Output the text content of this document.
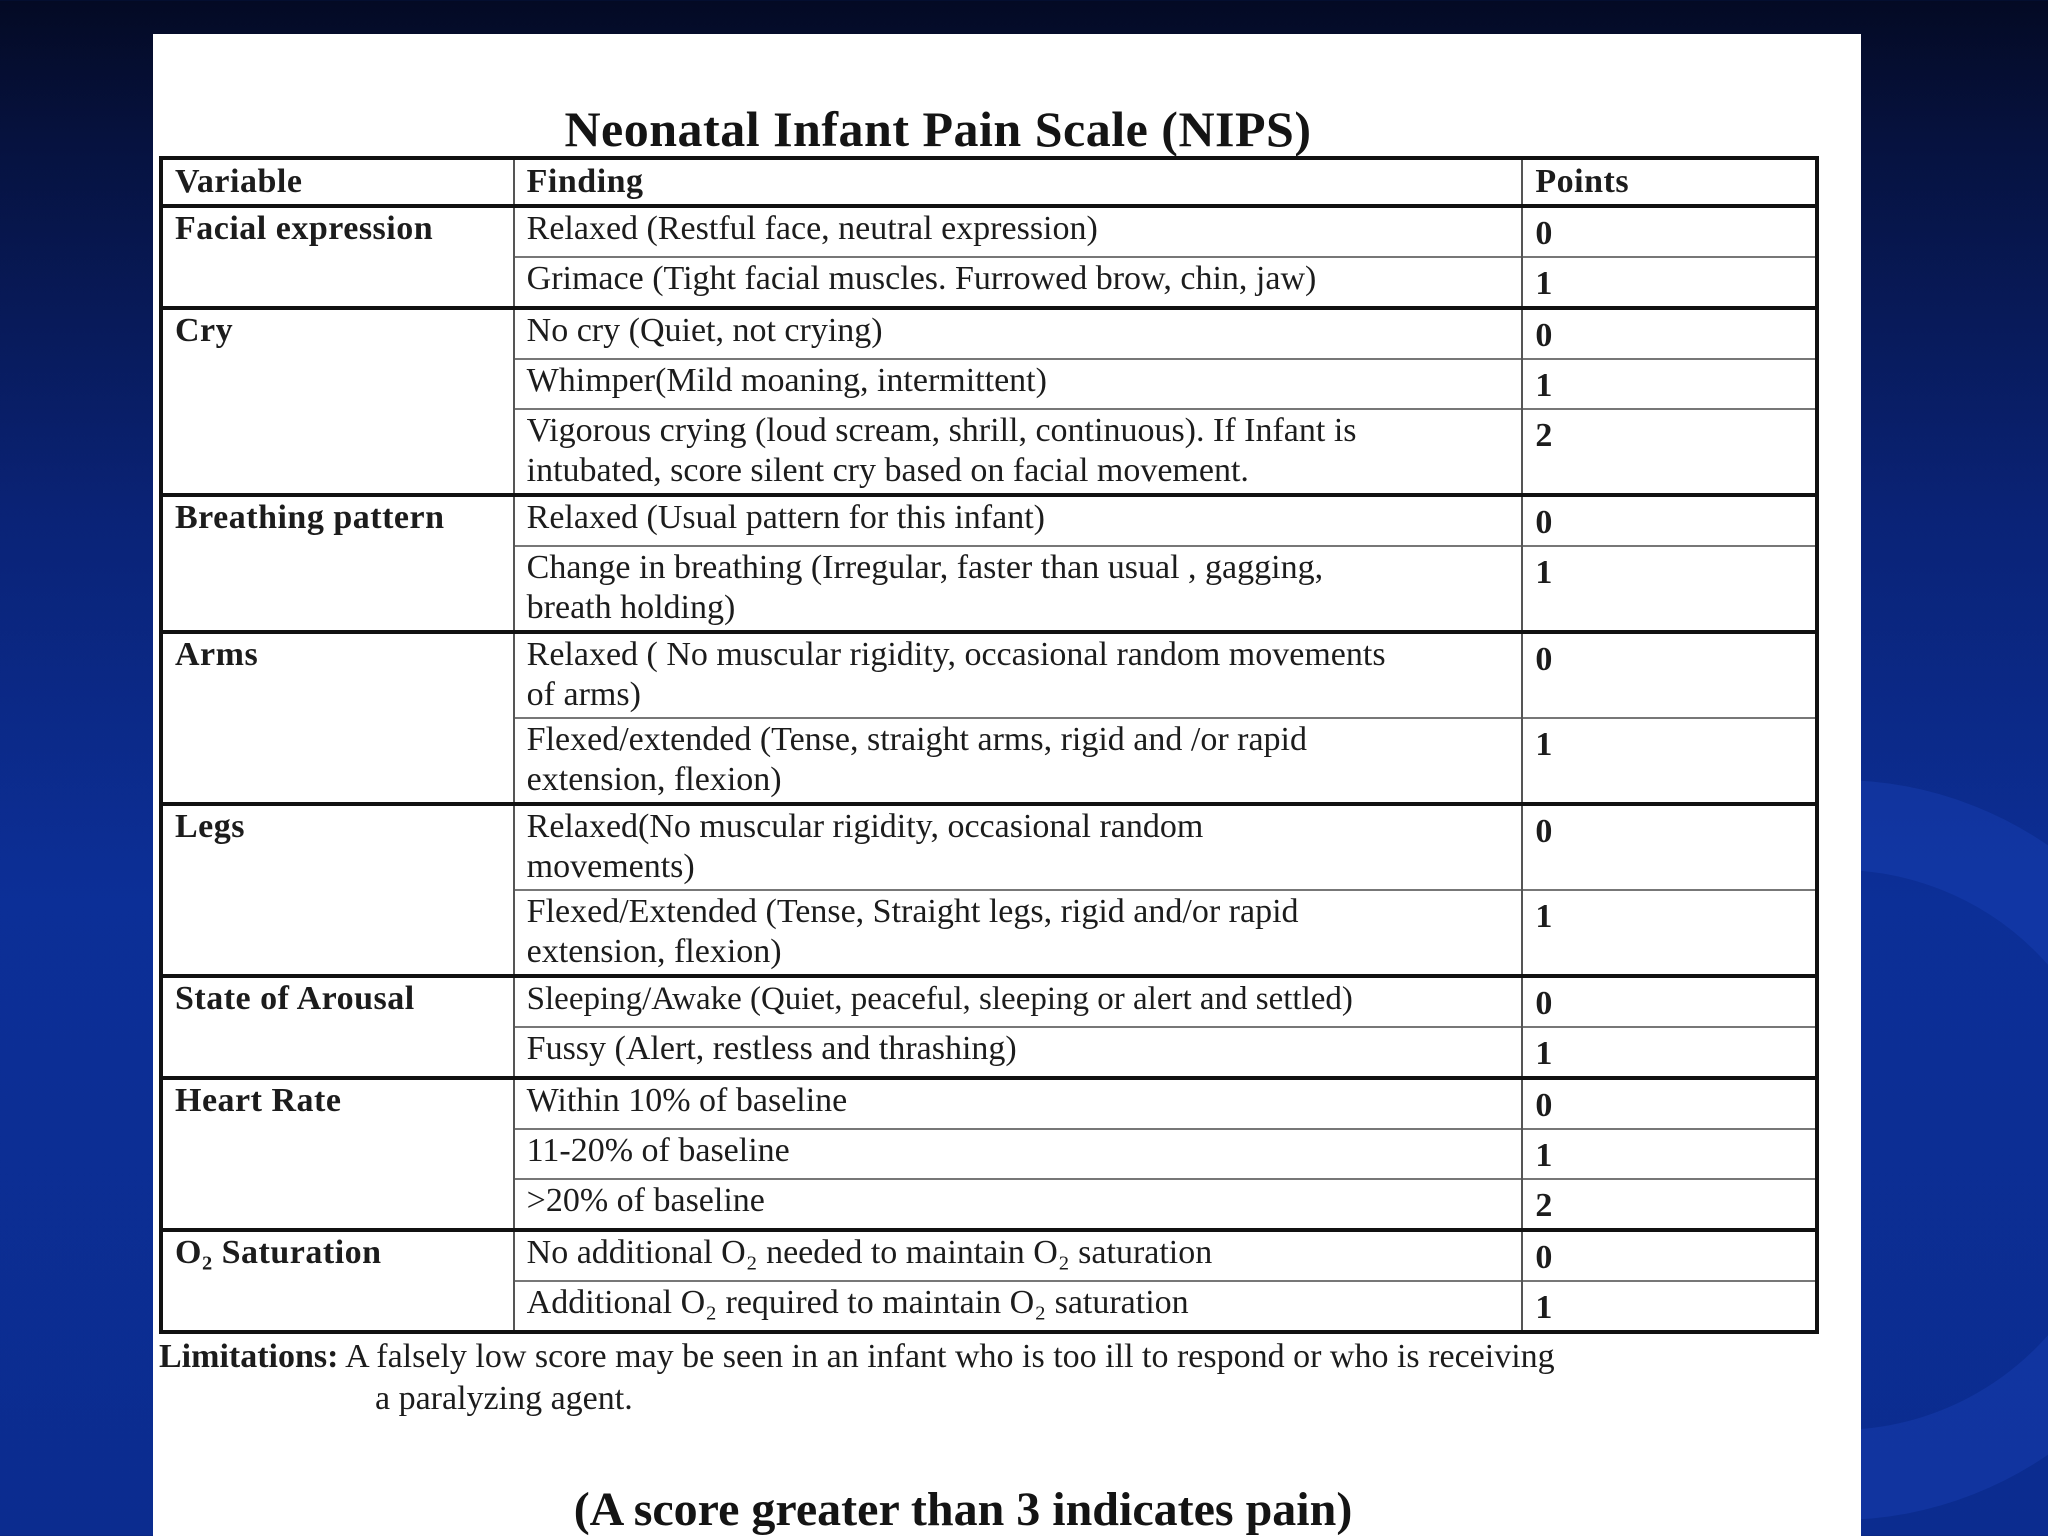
Neonatal Infant Pain Scale (NIPS)
Variable	Finding	Points
Facial expression	Relaxed (Restful face, neutral expression)	0
	Grimace (Tight facial muscles. Furrowed brow, chin, jaw)	1
Cry	No cry (Quiet, not crying)	0
	Whimper(Mild moaning, intermittent)	1
	Vigorous crying (loud scream, shrill, continuous). If Infant is intubated, score silent cry based on facial movement.	2
Breathing pattern	Relaxed (Usual pattern for this infant)	0
	Change in breathing (Irregular, faster than usual , gagging, breath holding)	1
Arms	Relaxed ( No muscular rigidity, occasional random movements of arms)	0
	Flexed/extended (Tense, straight arms, rigid and /or rapid extension, flexion)	1
Legs	Relaxed(No muscular rigidity, occasional random movements)	0
	Flexed/Extended (Tense, Straight legs, rigid and/or rapid extension, flexion)	1
State of Arousal	Sleeping/Awake (Quiet, peaceful, sleeping or alert and settled)	0
	Fussy (Alert, restless and thrashing)	1
Heart Rate	Within 10% of baseline	0
	11-20% of baseline	1
	>20% of baseline	2
O₂ Saturation	No additional O₂ needed to maintain O₂ saturation	0
	Additional O₂ required to maintain O₂ saturation	1
Limitations: A falsely low score may be seen in an infant who is too ill to respond or who is receiving
a paralyzing agent.
(A score greater than 3 indicates pain)
